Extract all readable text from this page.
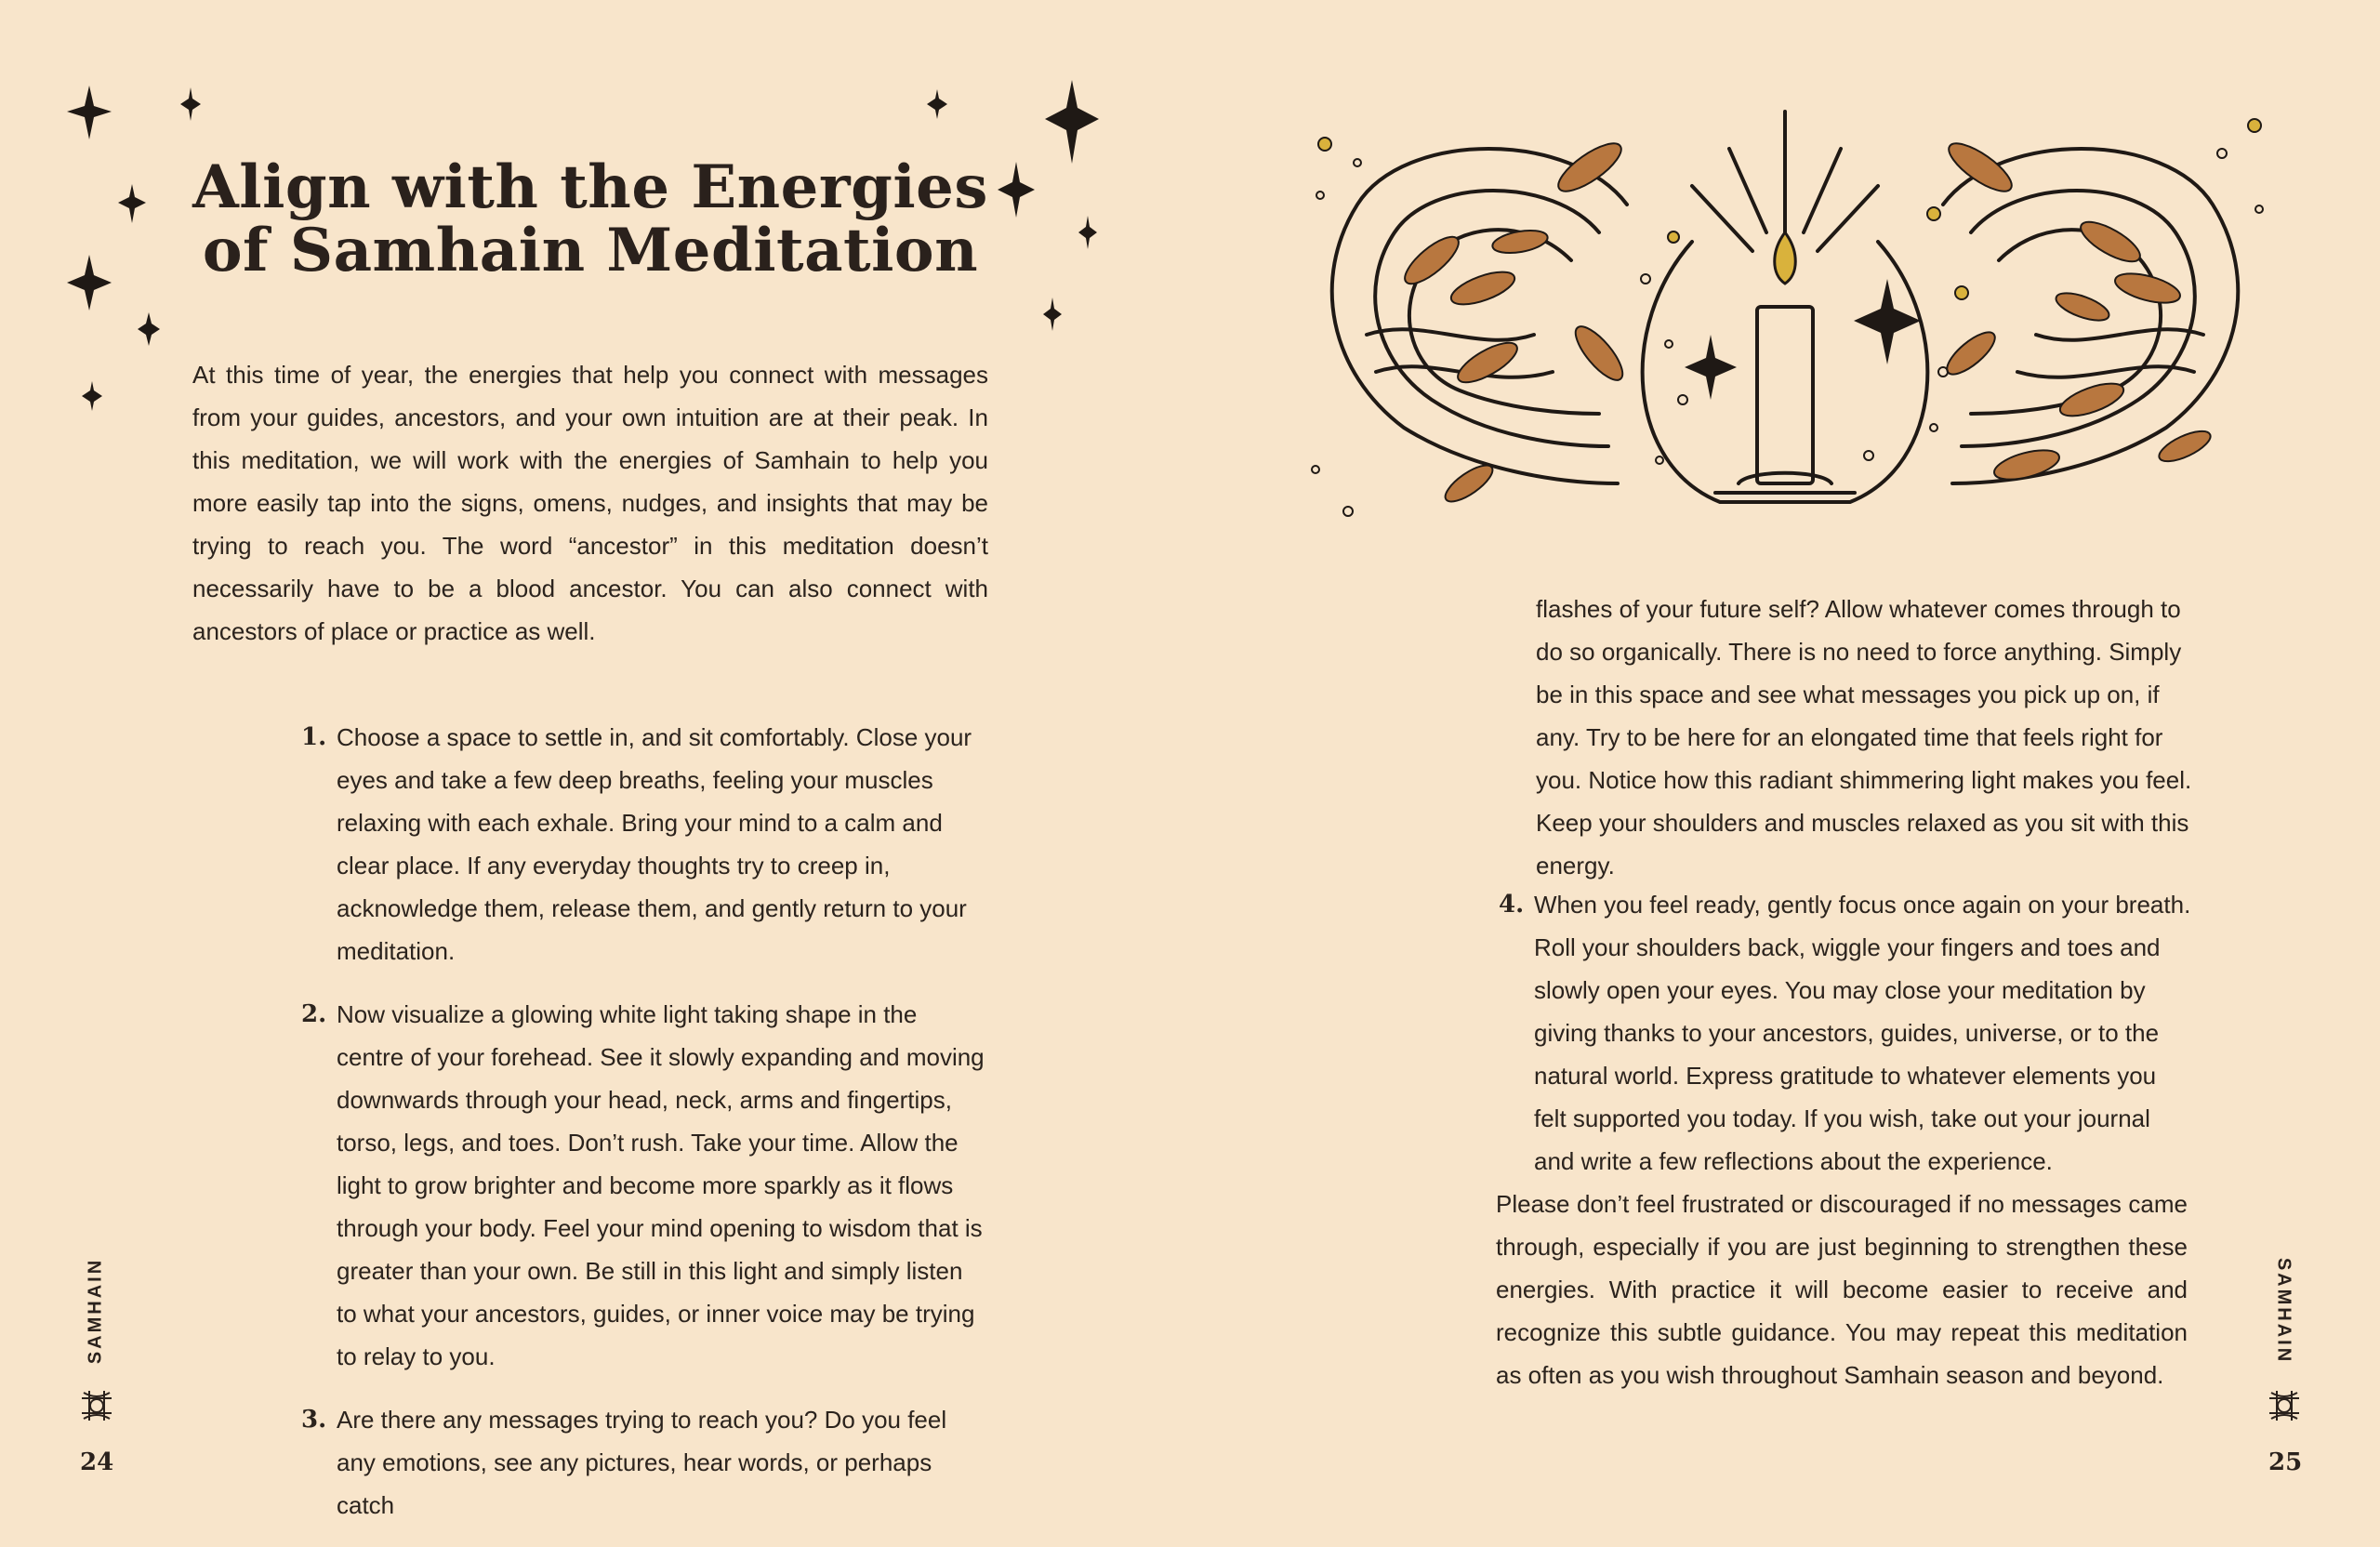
Align with the Energies
of Samhain Meditation

At this time of year, the energies that help you connect with messages from your guides, ancestors, and your own intuition are at their peak. In this meditation, we will work with the energies of Samhain to help you more easily tap into the signs, omens, nudges, and insights that may be trying to reach you. The word “ancestor” in this meditation doesn’t necessarily have to be a blood ancestor. You can also connect with ancestors of place or practice as well.

1. Choose a space to settle in, and sit comfortably. Close your eyes and take a few deep breaths, feeling your muscles relaxing with each exhale. Bring your mind to a calm and clear place. If any everyday thoughts try to creep in, acknowledge them, release them, and gently return to your meditation.
2. Now visualize a glowing white light taking shape in the centre of your forehead. See it slowly expanding and moving downwards through your head, neck, arms and fingertips, torso, legs, and toes. Don’t rush. Take your time. Allow the light to grow brighter and become more sparkly as it flows through your body. Feel your mind opening to wisdom that is greater than your own. Be still in this light and simply listen to what your ancestors, guides, or inner voice may be trying to relay to you.
3. Are there any messages trying to reach you? Do you feel any emotions, see any pictures, hear words, or perhaps catch
SAMHAIN
24
flashes of your future self? Allow whatever comes through to do so organically. There is no need to force anything. Simply be in this space and see what messages you pick up on, if any. Try to be here for an elongated time that feels right for you. Notice how this radiant shimmering light makes you feel. Keep your shoulders and muscles relaxed as you sit with this energy.
4. When you feel ready, gently focus once again on your breath. Roll your shoulders back, wiggle your fingers and toes and slowly open your eyes. You may close your meditation by giving thanks to your ancestors, guides, universe, or to the natural world. Express gratitude to whatever elements you felt supported you today. If you wish, take out your journal and write a few reflections about the experience.

Please don’t feel frustrated or discouraged if no messages came through, especially if you are just beginning to strengthen these energies. With practice it will become easier to receive and recognize this subtle guidance. You may repeat this meditation as often as you wish throughout Samhain season and beyond.

SAMHAIN
25
